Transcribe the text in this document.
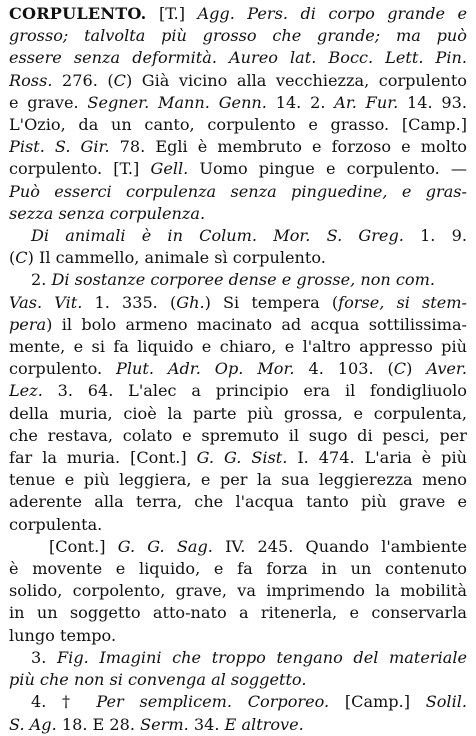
CORPULENTO. [T.] Agg. Pers. di corpo grande e
grosso; talvolta più grosso che grande; ma può
essere senza deformità. Aureo lat. Bocc. Lett. Pin.
Ross. 276. (C) Già vicino alla vecchiezza, corpulento
e grave. Segner. Mann. Genn. 14. 2. Ar. Fur. 14. 93.
L'Ozio, da un canto, corpulento e grasso. [Camp.]
Pist. S. Gir. 78. Egli è membruto e forzoso e molto
corpulento. [T.] Gell. Uomo pingue e corpulento. —
Può esserci corpulenza senza pinguedine, e gras-
sezza senza corpulenza.
Di animali è in Colum. Mor. S. Greg. 1. 9.
(C) Il cammello, animale sì corpulento.
2. Di sostanze corporee dense e grosse, non com.
Vas. Vit. 1. 335. (Gh.) Si tempera (forse, si stem-
pera) il bolo armeno macinato ad acqua sottilissima-
mente, e si fa liquido e chiaro, e l'altro appresso più
corpulento. Plut. Adr. Op. Mor. 4. 103. (C) Aver.
Lez. 3. 64. L'alec a principio era il fondigliuolo
della muria, cioè la parte più grossa, e corpulenta,
che restava, colato e spremuto il sugo di pesci, per
far la muria. [Cont.] G. G. Sist. I. 474. L'aria è più
tenue e più leggiera, e per la sua leggierezza meno
aderente alla terra, che l'acqua tanto più grave e
corpulenta.
[Cont.] G. G. Sag. IV. 245. Quando l'ambiente
è movente e liquido, e fa forza in un contenuto
solido, corpolento, grave, va imprimendo la mobilità
in un soggetto atto-nato a ritenerla, e conservarla
lungo tempo.
3. Fig. Imagini che troppo tengano del materiale
più che non si convenga al soggetto.
4. † Per semplicem. Corporeo. [Camp.] Solil.
S. Ag. 18. E 28. Serm. 34. E altrove.
